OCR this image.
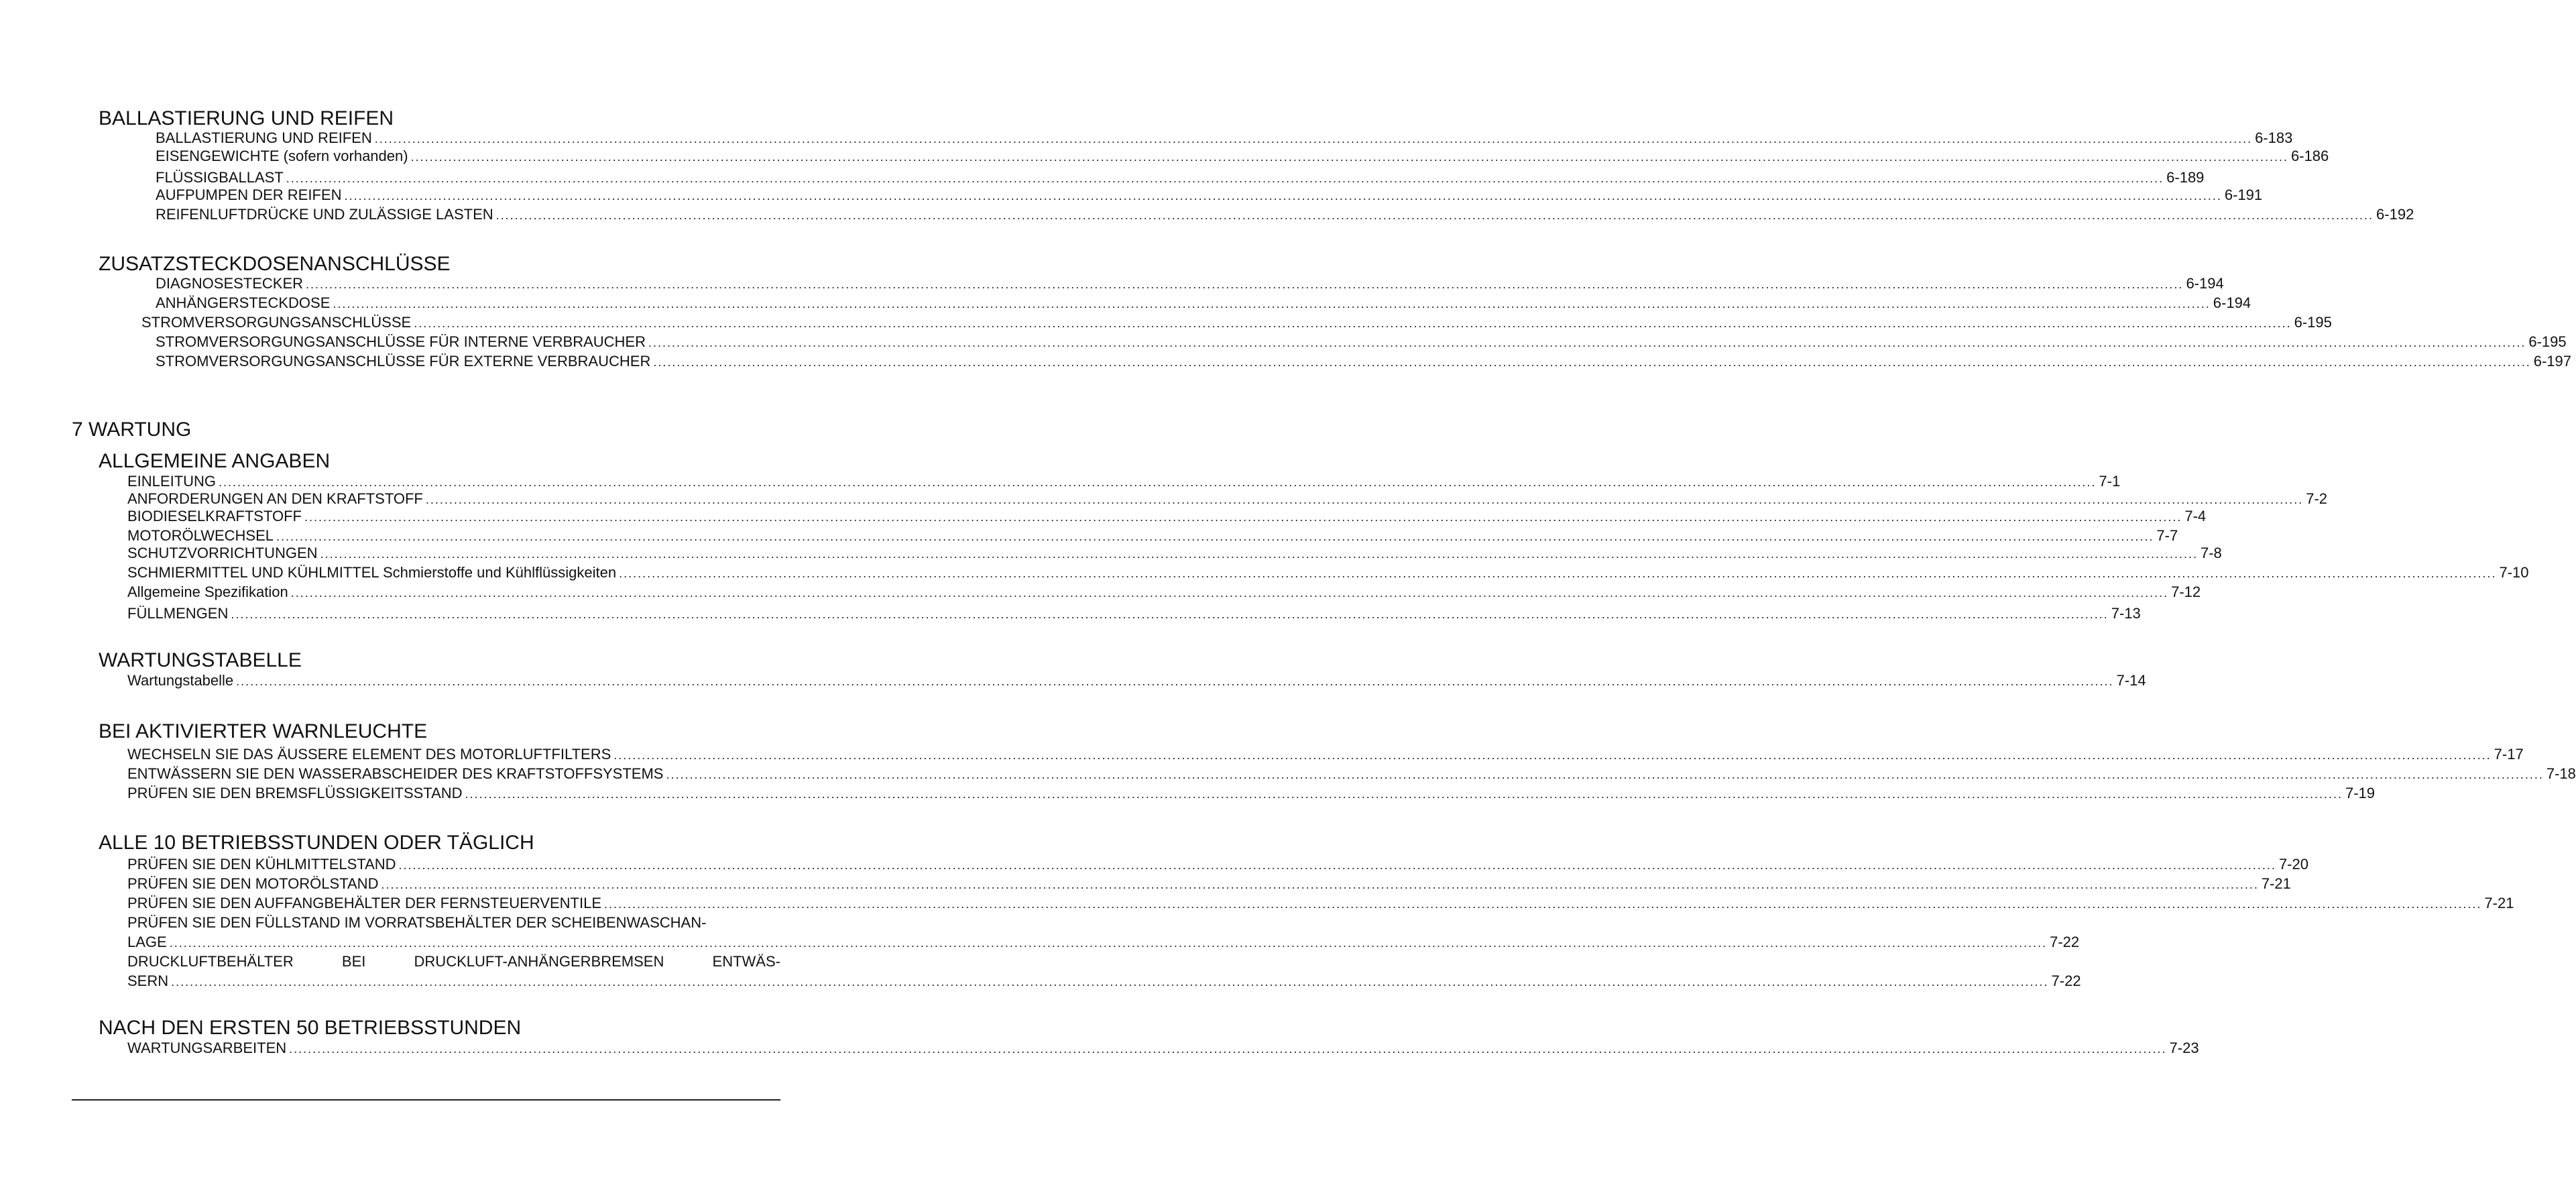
BALLASTIERUNG UND REIFEN
BALLASTIERUNG UND REIFEN .....	6-183
EISENGEWICHTE (sofern vorhanden) .....	6-186
FLÜSSIGBALLAST .....	6-189
AUFPUMPEN DER REIFEN .....	6-191
REIFENLUFTDRÜCKE UND ZULÄSSIGE LASTEN .....	6-192
ZUSATZSTECKDOSENANSCHLÜSSE
DIAGNOSESTECKER .....	6-194
ANHÄNGERSTECKDOSE .....	6-194
STROMVERSORGUNGSANSCHLÜSSE .....	6-195
STROMVERSORGUNGSANSCHLÜSSE FÜR INTERNE VERBRAUCHER .....	6-195
STROMVERSORGUNGSANSCHLÜSSE FÜR EXTERNE VERBRAUCHER .....	6-197
7 WARTUNG
ALLGEMEINE ANGABEN
EINLEITUNG .....	7-1
ANFORDERUNGEN AN DEN KRAFTSTOFF .....	7-2
BIODIESELKRAFTSTOFF .....	7-4
MOTORÖLWECHSEL .....	7-7
SCHUTZVORRICHTUNGEN .....	7-8
SCHMIERMITTEL UND KÜHLMITTEL Schmierstoffe und Kühlflüssigkeiten .....	7-10
Allgemeine Spezifikation .....	7-12
FÜLLMENGEN .....	7-13
WARTUNGSTABELLE
Wartungstabelle .....	7-14
BEI AKTIVIERTER WARNLEUCHTE
WECHSELN SIE DAS ÄUSSERE ELEMENT DES MOTORLUFTFILTERS .....	7-17
ENTWÄSSERN SIE DEN WASSERABSCHEIDER DES KRAFTSTOFFSYSTEMS .....	7-18
PRÜFEN SIE DEN BREMSFLÜSSIGKEITSSTAND .....	7-19
ALLE 10 BETRIEBSSTUNDEN ODER TÄGLICH
PRÜFEN SIE DEN KÜHLMITTELSTAND .....	7-20
PRÜFEN SIE DEN MOTORÖLSTAND .....	7-21
PRÜFEN SIE DEN AUFFANGBEHÄLTER DER FERNSTEUERVENTILE .....	7-21
PRÜFEN SIE DEN FÜLLSTAND IM VORRATSBEHÄLTER DER SCHEIBENWASCHAN-
LAGE .....	7-22
DRUCKLUFTBEHÄLTER	BEI	DRUCKLUFT-ANHÄNGERBREMSEN	ENTWÄS-
SERN .....	7-22
NACH DEN ERSTEN 50 BETRIEBSSTUNDEN
WARTUNGSARBEITEN .....	7-23
